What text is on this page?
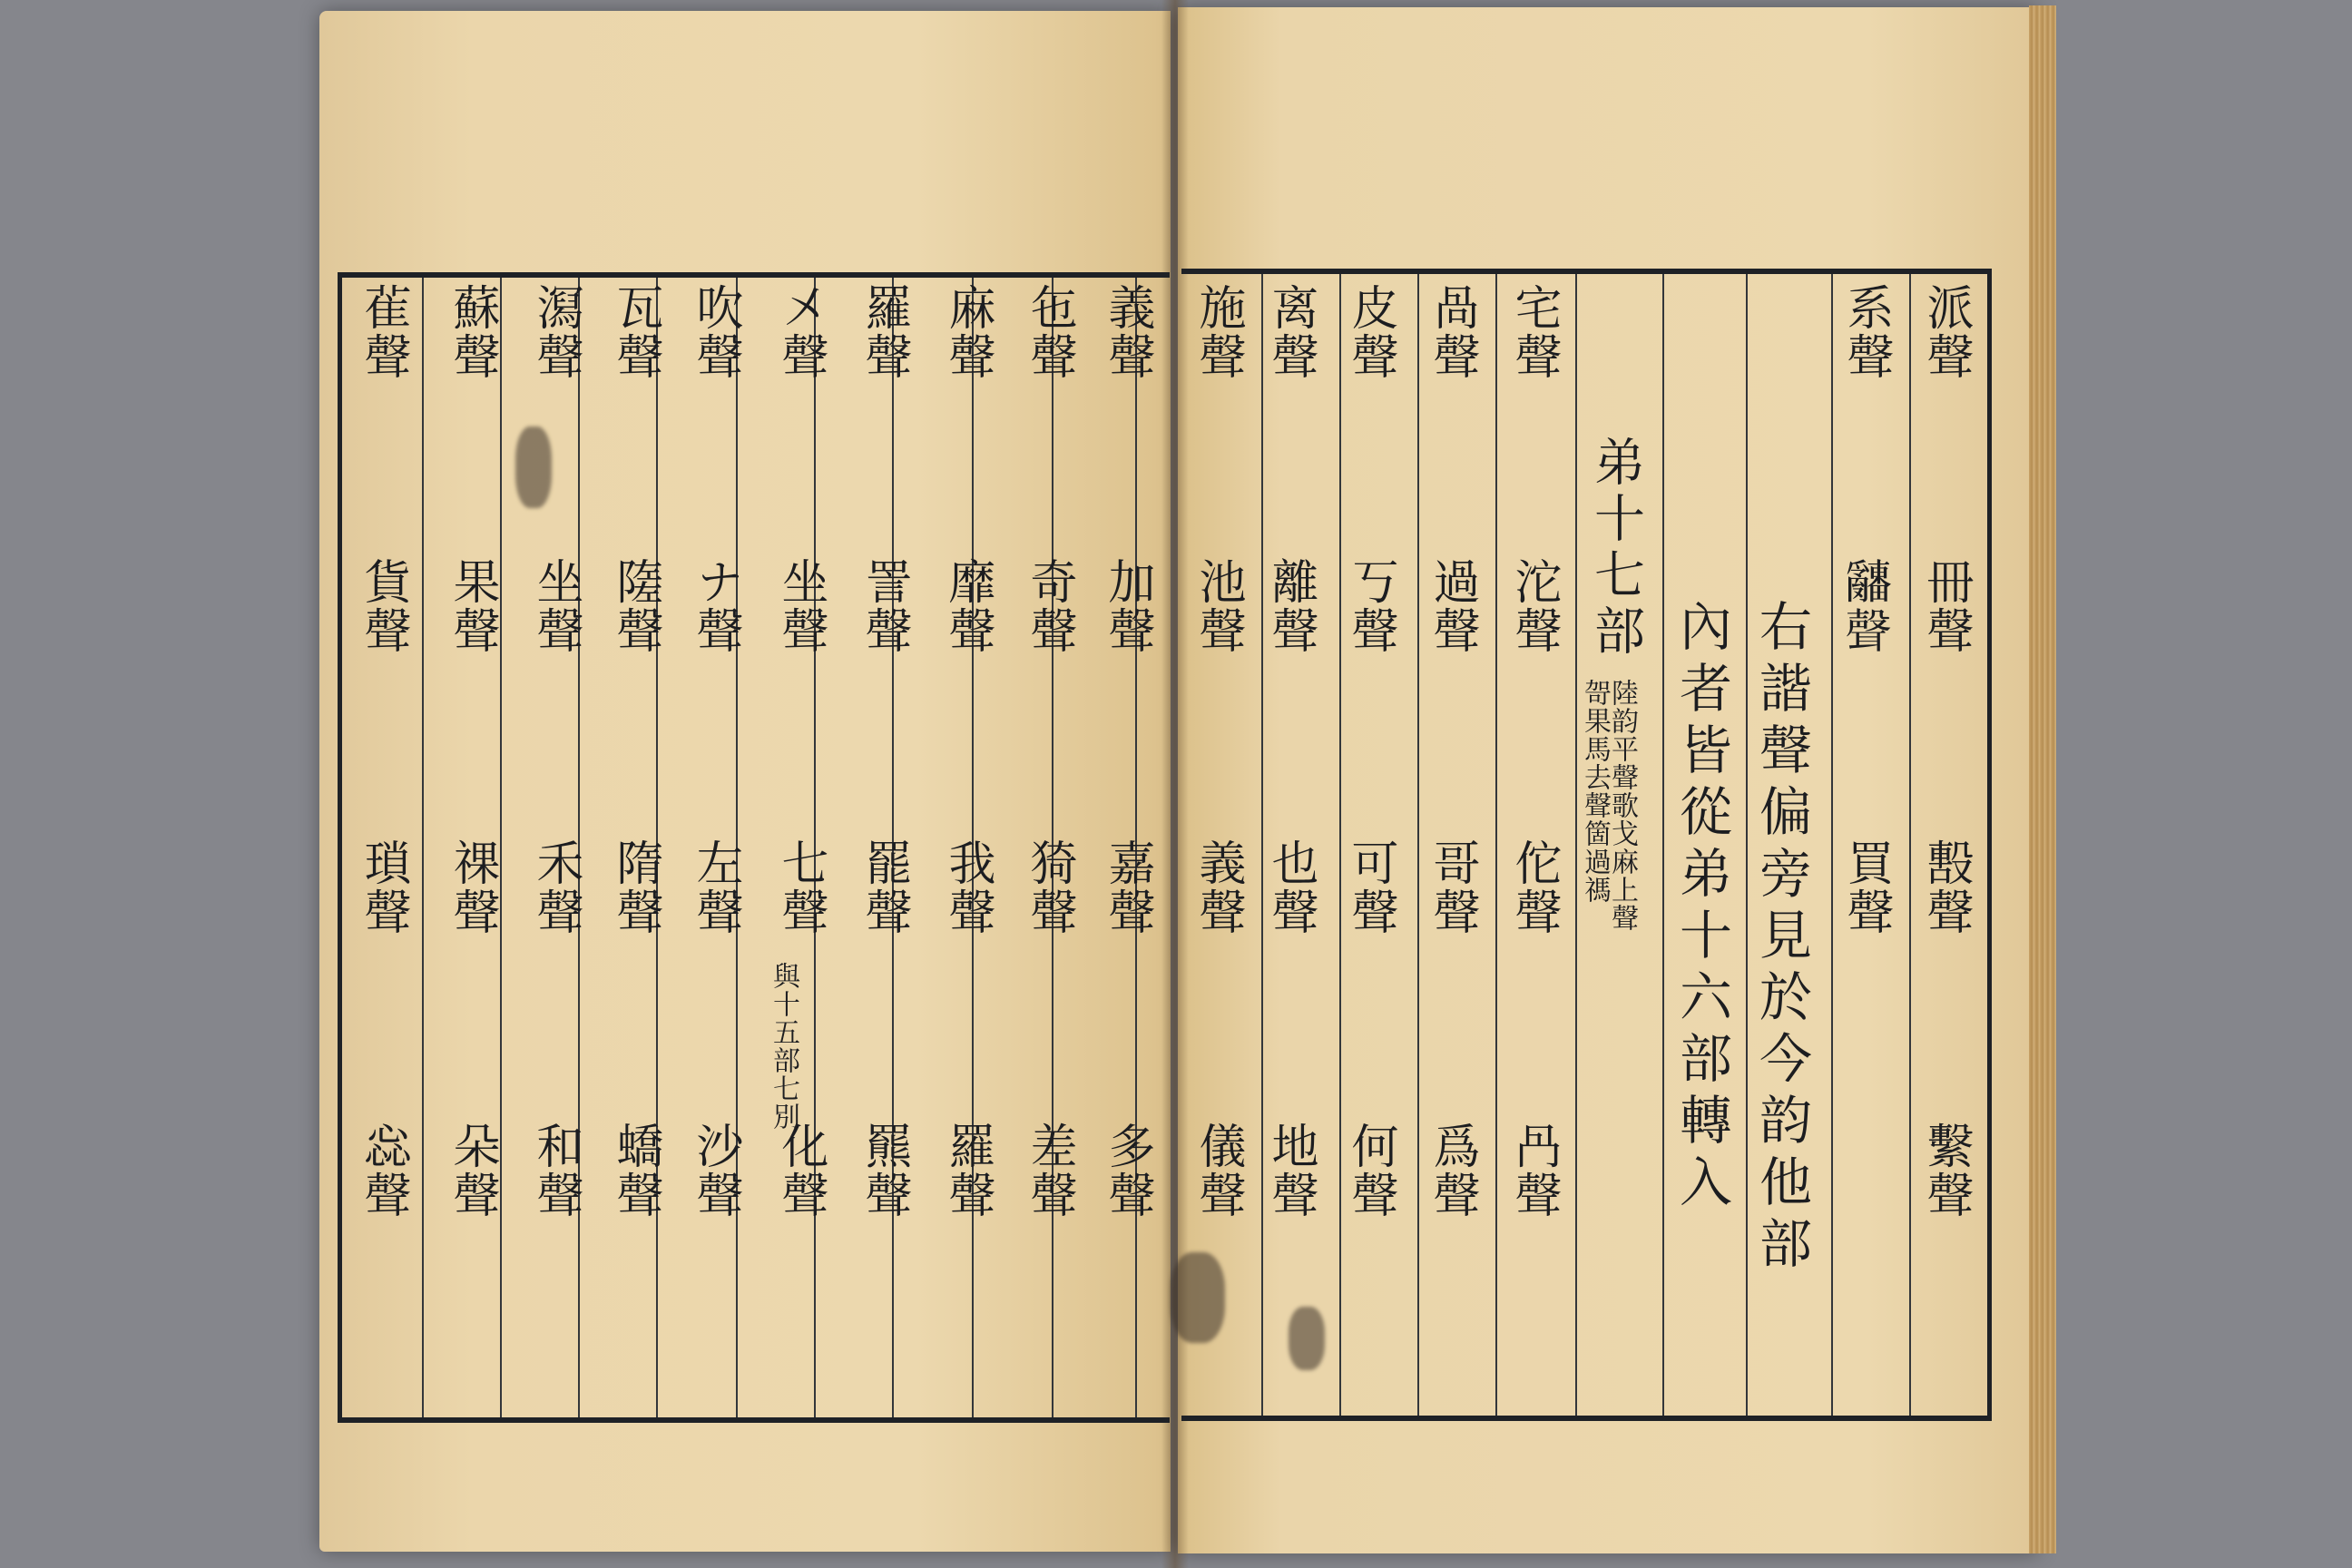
義聲
加聲
嘉聲
多聲
㐌聲
奇聲
猗聲
差聲
麻聲
靡聲
我聲
羅聲
羅聲
詈聲
罷聲
羆聲
㐅聲
坐聲
七聲
與十五部七別
化聲
吹聲
ナ聲
左聲
沙聲
瓦聲
隓聲
隋聲
蟜聲
㵼聲
坐聲
禾聲
和聲
蘇聲
果聲
祼聲
朵聲
雈聲
貨聲
瑣聲
惢聲
派聲
冊聲
毄聲
繫聲
系聲
𤕌聲
買聲
右諧聲偏旁見於今韵他部
內者皆從弟十六部轉入
弟十七部
陸韵平聲歌戈麻上聲
哿果馬去聲箇過禡
宅聲
沱聲
佗聲
冎聲
咼聲
過聲
哥聲
爲聲
皮聲
丂聲
可聲
何聲
离聲
離聲
也聲
地聲
施聲
池聲
義聲
儀聲
